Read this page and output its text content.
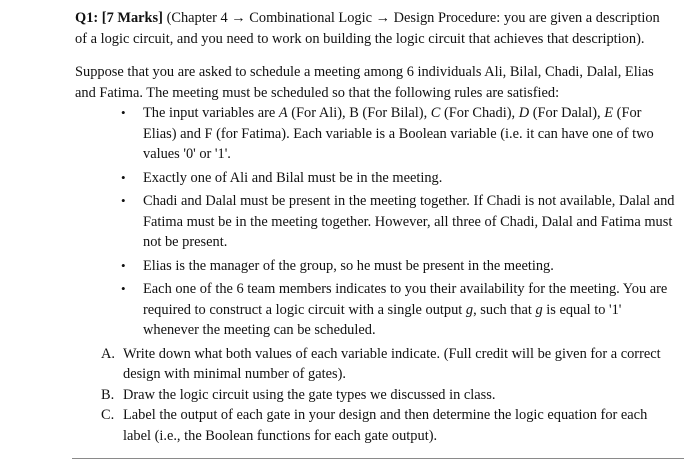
Q1: [7 Marks] (Chapter 4 → Combinational Logic → Design Procedure: you are given a description of a logic circuit, and you need to work on building the logic circuit that achieves that description).

Suppose that you are asked to schedule a meeting among 6 individuals Ali, Bilal, Chadi, Dalal, Elias and Fatima. The meeting must be scheduled so that the following rules are satisfied:

• The input variables are A (For Ali), B (For Bilal), C (For Chadi), D (For Dalal), E (For Elias) and F (for Fatima). Each variable is a Boolean variable (i.e. it can have one of two values '0' or '1'.
• Exactly one of Ali and Bilal must be in the meeting.
• Chadi and Dalal must be present in the meeting together. If Chadi is not available, Dalal and Fatima must be in the meeting together. However, all three of Chadi, Dalal and Fatima must not be present.
• Elias is the manager of the group, so he must be present in the meeting.
• Each one of the 6 team members indicates to you their availability for the meeting. You are required to construct a logic circuit with a single output g, such that g is equal to '1' whenever the meeting can be scheduled.
A. Write down what both values of each variable indicate. (Full credit will be given for a correct design with minimal number of gates).
B. Draw the logic circuit using the gate types we discussed in class.
C. Label the output of each gate in your design and then determine the logic equation for each label (i.e., the Boolean functions for each gate output).
